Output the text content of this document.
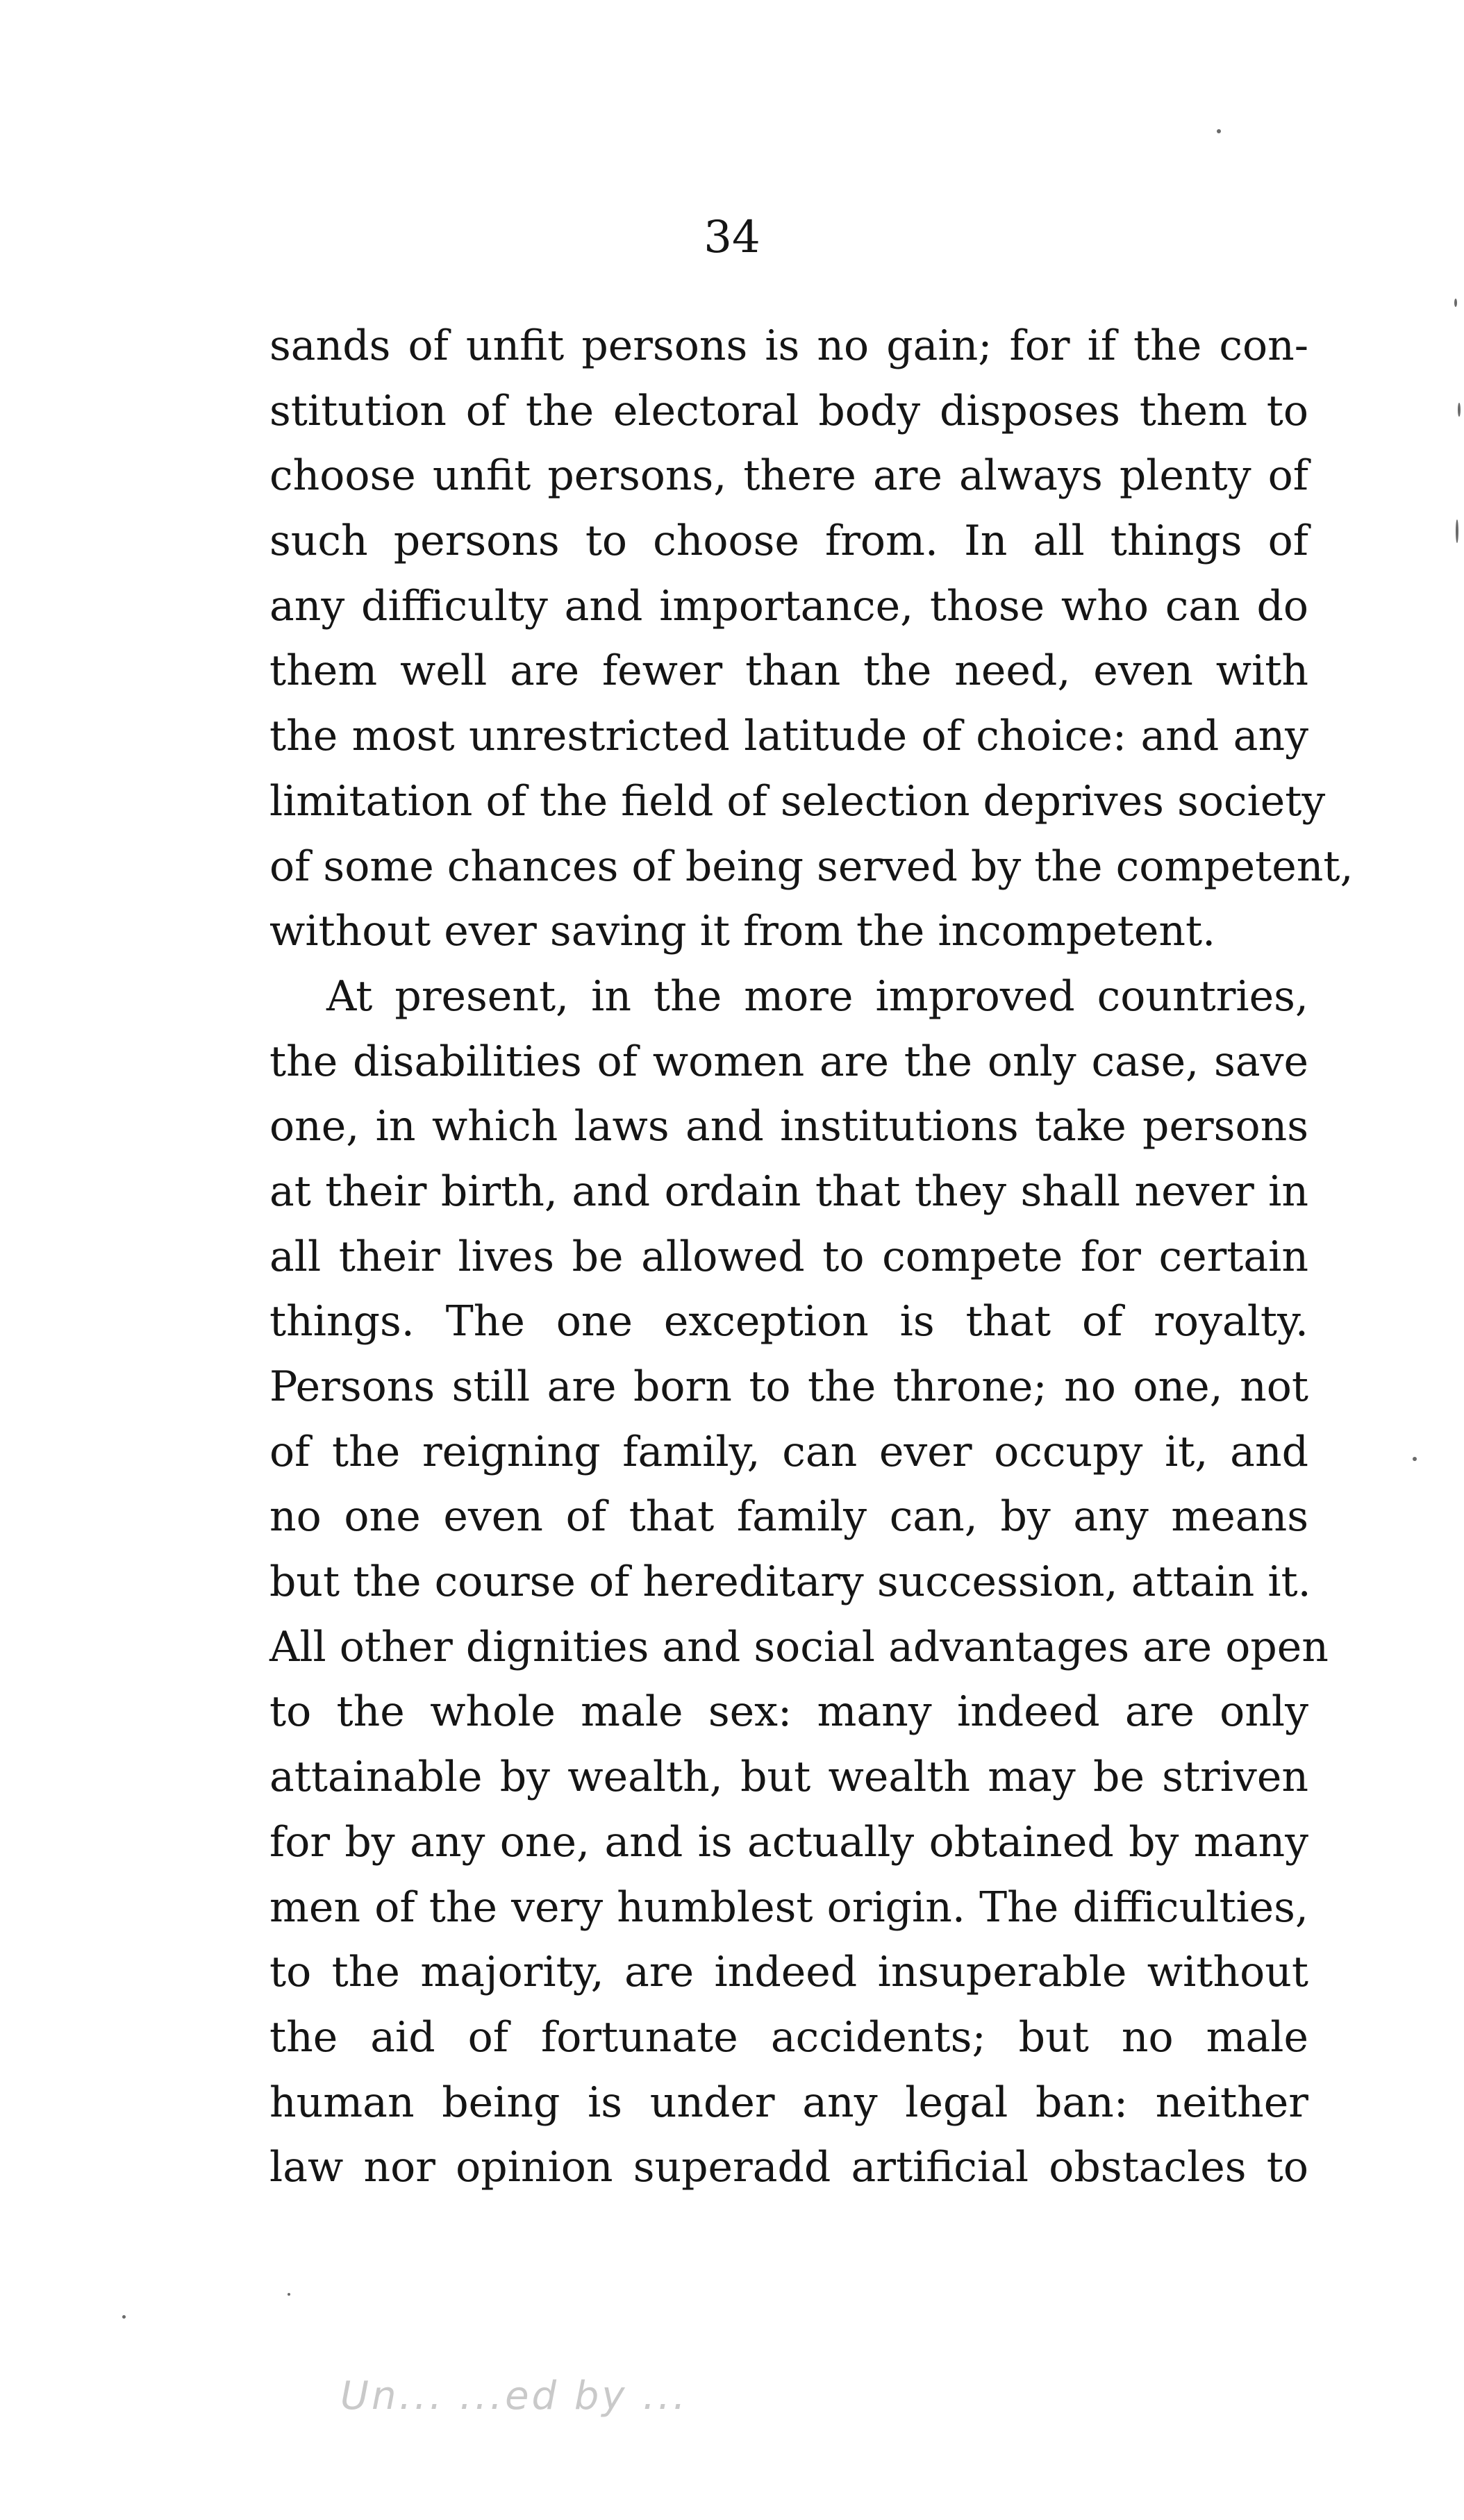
34
sands of unfit persons is no gain; for if the con-
stitution of the electoral body disposes them to
choose unfit persons, there are always plenty of
such persons to choose from. In all things of
any difficulty and importance, those who can do
them well are fewer than the need, even with
the most unrestricted latitude of choice: and any
limitation of the field of selection deprives society
of some chances of being served by the competent,
without ever saving it from the incompetent.
At present, in the more improved countries,
the disabilities of women are the only case, save
one, in which laws and institutions take persons
at their birth, and ordain that they shall never in
all their lives be allowed to compete for certain
things. The one exception is that of royalty.
Persons still are born to the throne; no one, not
of the reigning family, can ever occupy it, and
no one even of that family can, by any means
but the course of hereditary succession, attain it.
All other dignities and social advantages are open
to the whole male sex: many indeed are only
attainable by wealth, but wealth may be striven
for by any one, and is actually obtained by many
men of the very humblest origin. The difficulties,
to the majority, are indeed insuperable without
the aid of fortunate accidents; but no male
human being is under any legal ban: neither
law nor opinion superadd artificial obstacles to
Un... ...ed by ...
